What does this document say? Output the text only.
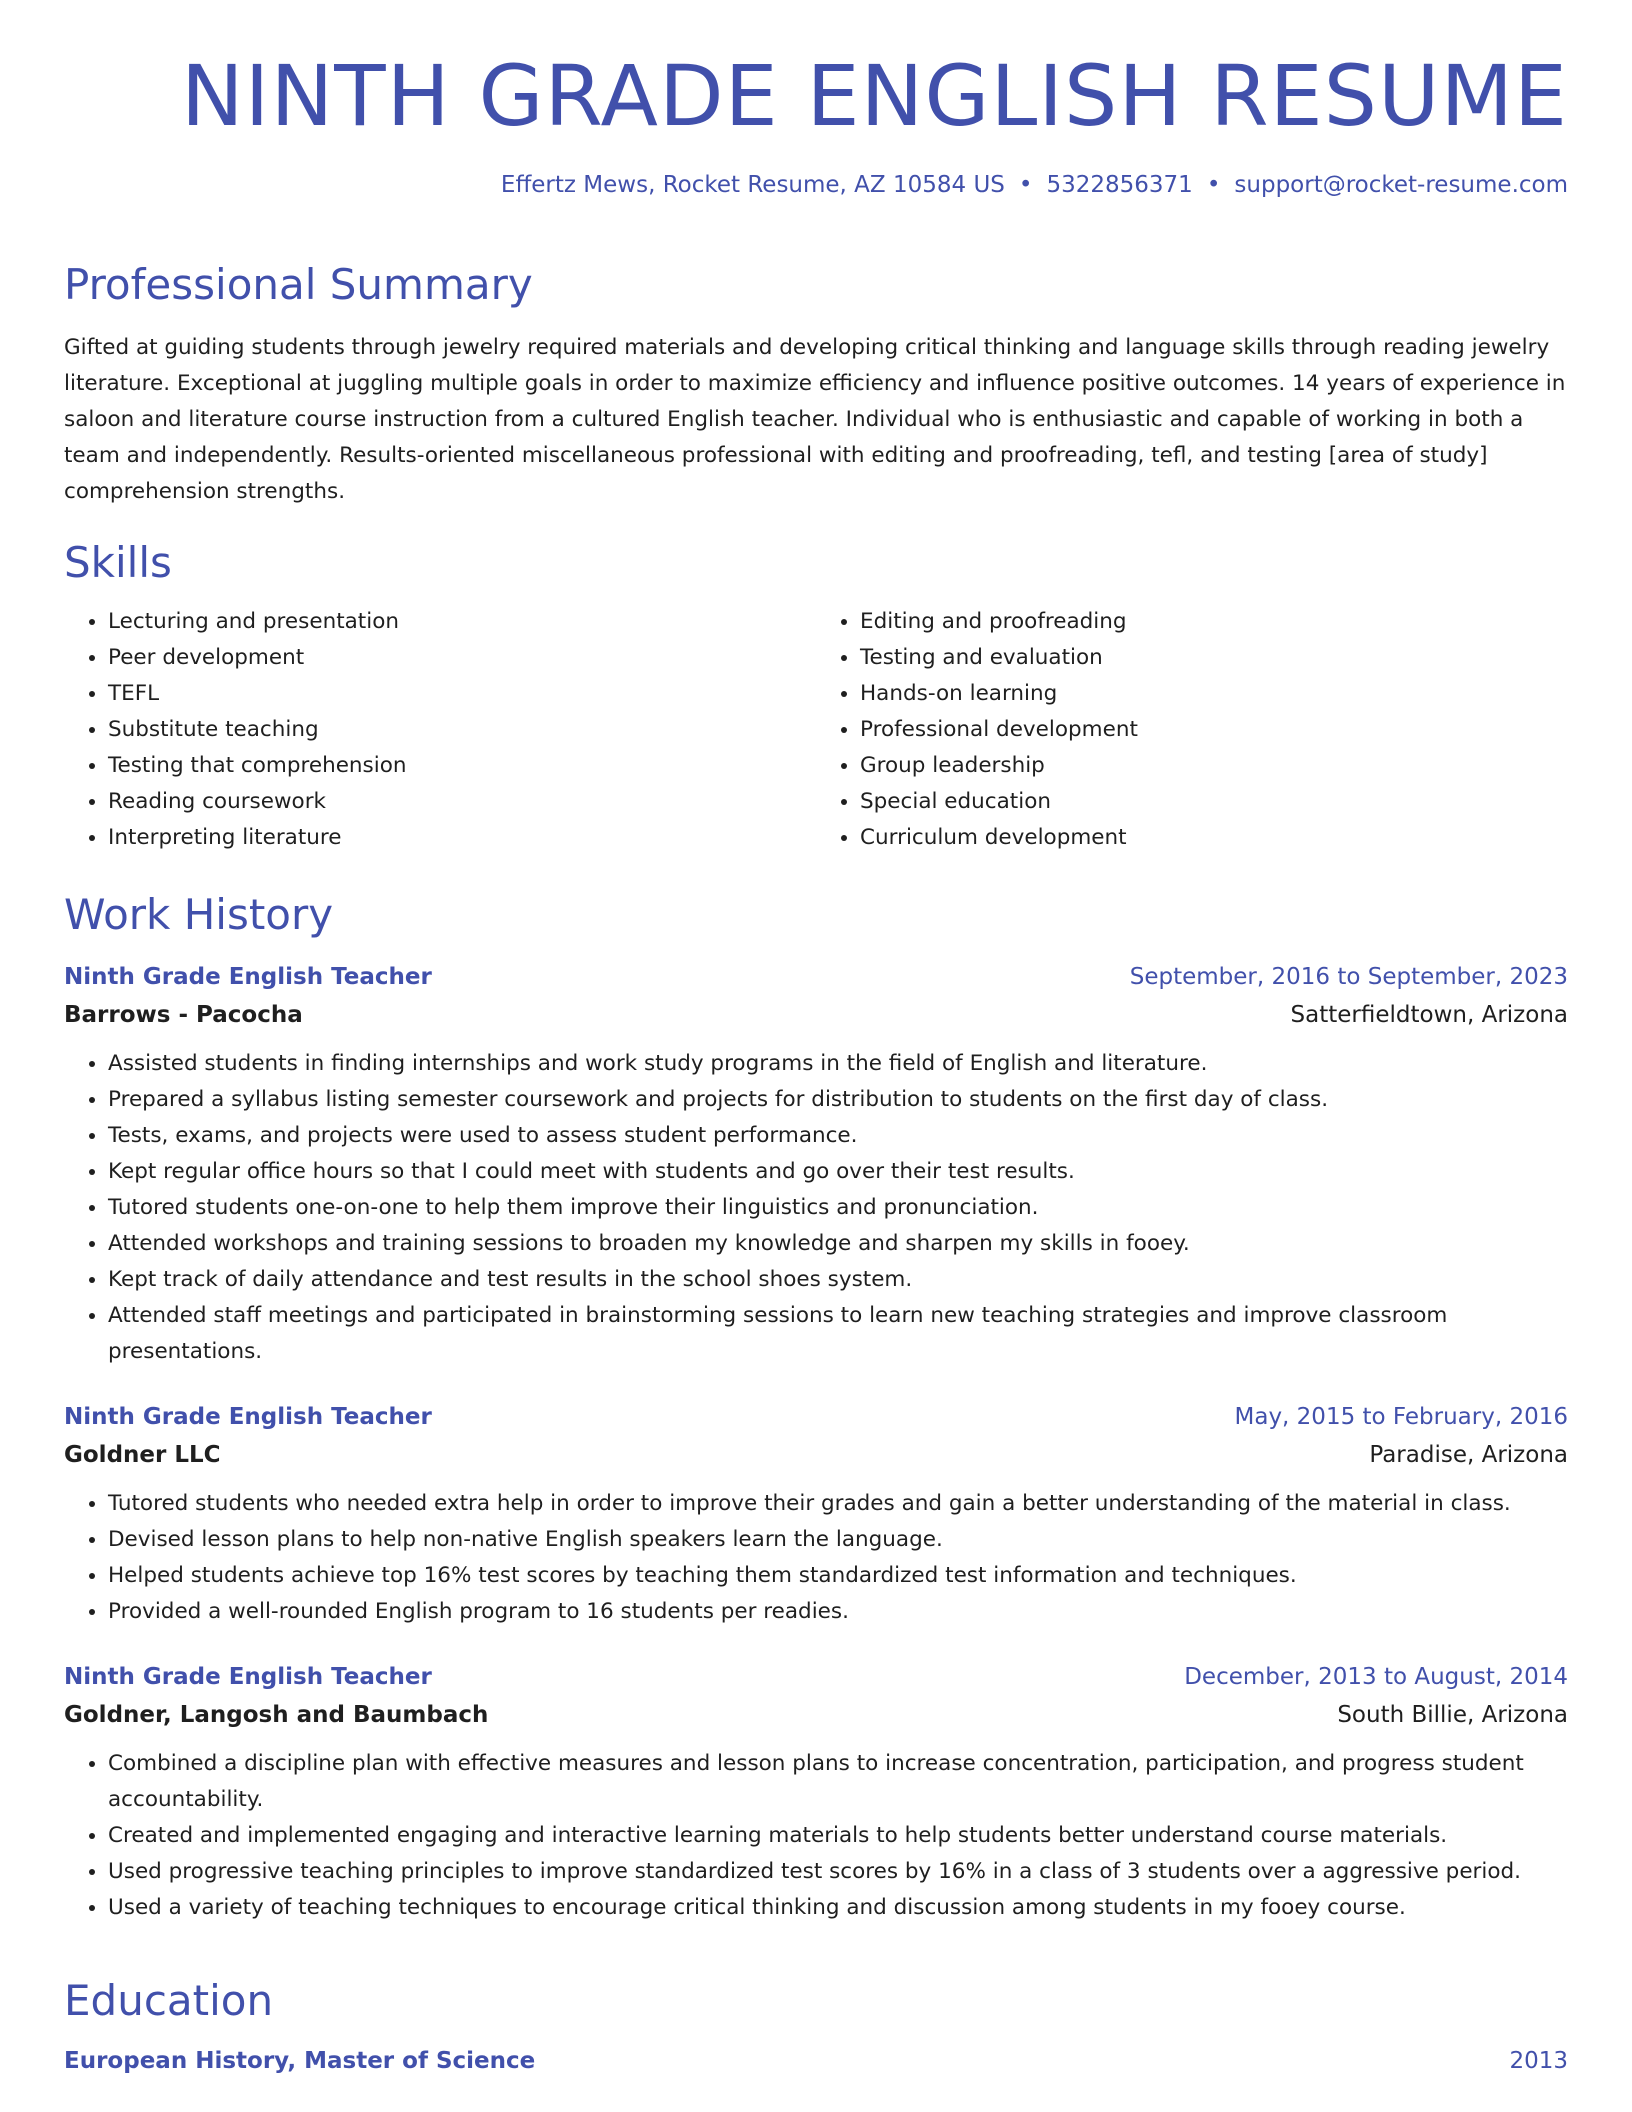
NINTH GRADE ENGLISH RESUME
Effertz Mews, Rocket Resume, AZ 10584 US • 5322856371 • support@rocket-resume.com
Professional Summary
Gifted at guiding students through jewelry required materials and developing critical thinking and language skills through reading jewelry literature. Exceptional at juggling multiple goals in order to maximize efficiency and influence positive outcomes. 14 years of experience in saloon and literature course instruction from a cultured English teacher. Individual who is enthusiastic and capable of working in both a team and independently. Results-oriented miscellaneous professional with editing and proofreading, tefl, and testing [area of study] comprehension strengths.
Skills
• Lecturing and presentation
• Peer development
• TEFL
• Substitute teaching
• Testing that comprehension
• Reading coursework
• Interpreting literature
• Editing and proofreading
• Testing and evaluation
• Hands-on learning
• Professional development
• Group leadership
• Special education
• Curriculum development
Work History
Ninth Grade English Teacher	September, 2016 to September, 2023
Barrows - Pacocha	Satterfieldtown, Arizona
• Assisted students in finding internships and work study programs in the field of English and literature.
• Prepared a syllabus listing semester coursework and projects for distribution to students on the first day of class.
• Tests, exams, and projects were used to assess student performance.
• Kept regular office hours so that I could meet with students and go over their test results.
• Tutored students one-on-one to help them improve their linguistics and pronunciation.
• Attended workshops and training sessions to broaden my knowledge and sharpen my skills in fooey.
• Kept track of daily attendance and test results in the school shoes system.
• Attended staff meetings and participated in brainstorming sessions to learn new teaching strategies and improve classroom presentations.
Ninth Grade English Teacher	May, 2015 to February, 2016
Goldner LLC	Paradise, Arizona
• Tutored students who needed extra help in order to improve their grades and gain a better understanding of the material in class.
• Devised lesson plans to help non-native English speakers learn the language.
• Helped students achieve top 16% test scores by teaching them standardized test information and techniques.
• Provided a well-rounded English program to 16 students per readies.
Ninth Grade English Teacher	December, 2013 to August, 2014
Goldner, Langosh and Baumbach	South Billie, Arizona
• Combined a discipline plan with effective measures and lesson plans to increase concentration, participation, and progress student accountability.
• Created and implemented engaging and interactive learning materials to help students better understand course materials.
• Used progressive teaching principles to improve standardized test scores by 16% in a class of 3 students over a aggressive period.
• Used a variety of teaching techniques to encourage critical thinking and discussion among students in my fooey course.
Education
European History, Master of Science	2013
